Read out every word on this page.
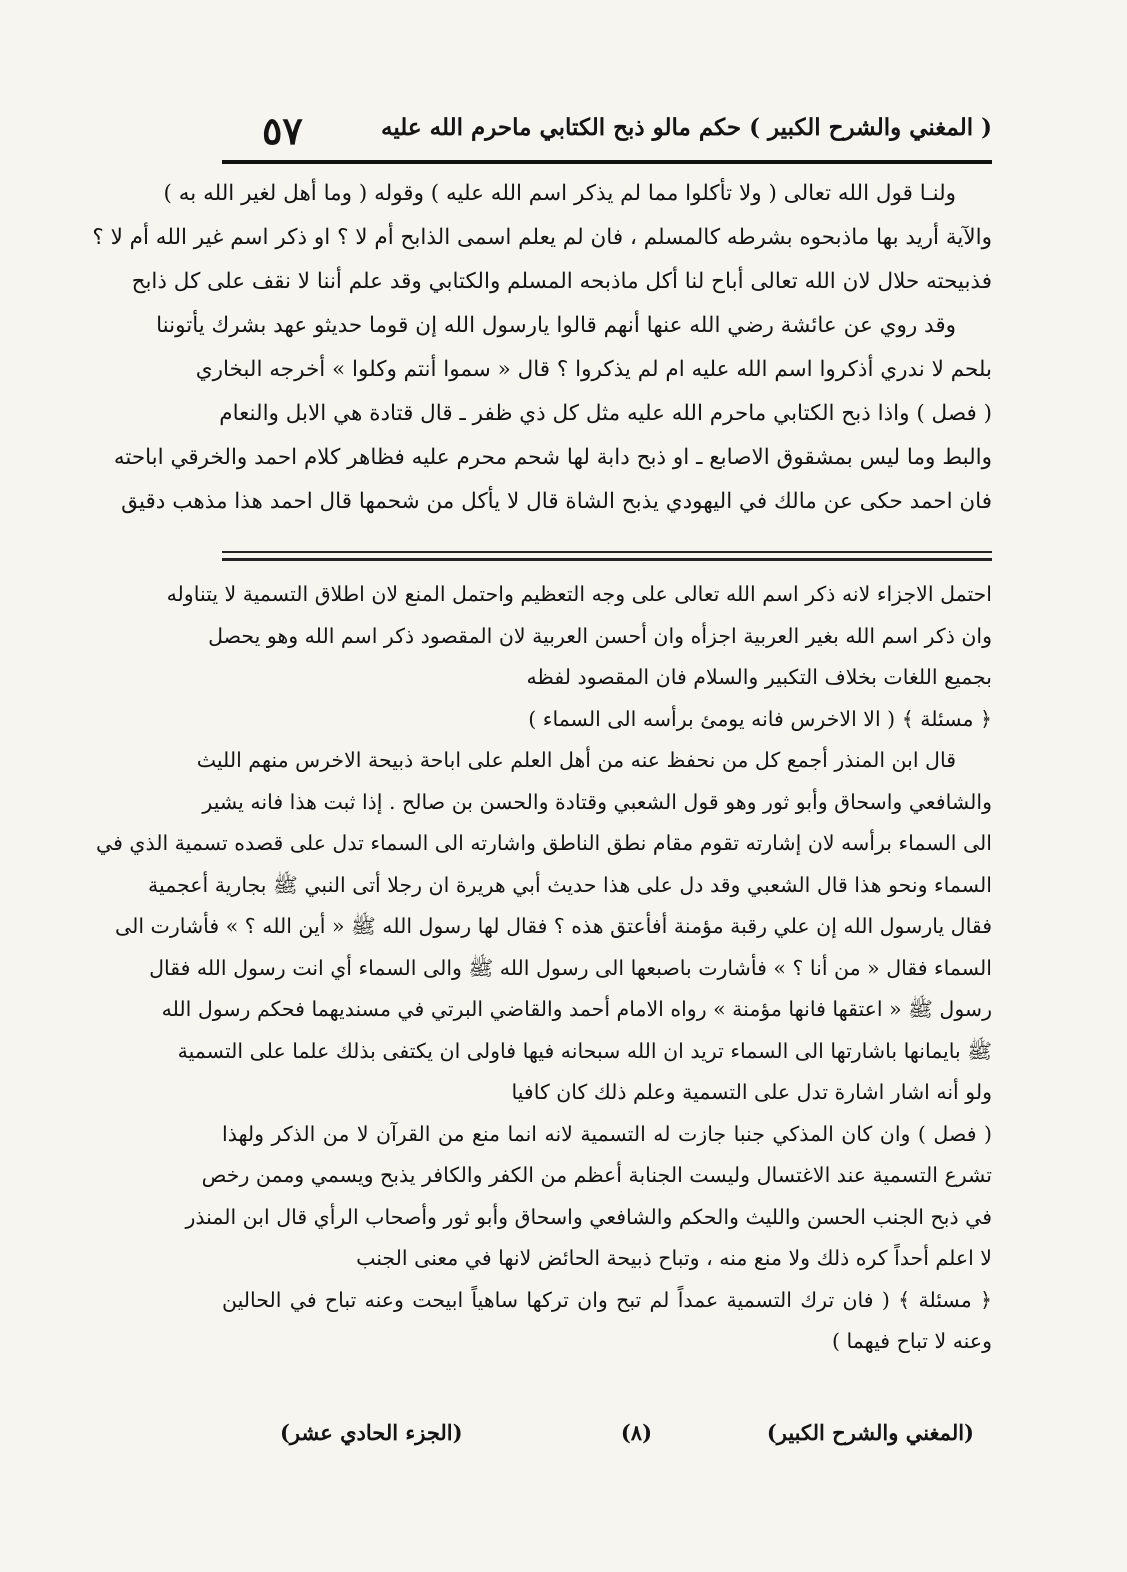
( المغني والشرح الكبير ) حكم مالو ذبح الكتابي ماحرم الله عليه
٥٧
ولنـا قول الله تعالى ( ولا تأكلوا مما لم يذكر اسم الله عليه ) وقوله ( وما أهل لغير الله به )
والآية أريد بها ماذبحوه بشرطه كالمسلم ، فان لم يعلم اسمى الذابح أم لا ؟ او ذكر اسم غير الله أم لا ؟
فذبيحته حلال لان الله تعالى أباح لنا أكل ماذبحه المسلم والكتابي وقد علم أننا لا نقف على كل ذابح
وقد روي عن عائشة رضي الله عنها أنهم قالوا يارسول الله إن قوما حديثو عهد بشرك يأتوننا
بلحم لا ندري أذكروا اسم الله عليه ام لم يذكروا ؟ قال « سموا أنتم وكلوا » أخرجه البخاري
( فصل ) واذا ذبح الكتابي ماحرم الله عليه مثل كل ذي ظفر ـ قال قتادة هي الابل والنعام
والبط وما ليس بمشقوق الاصابع ـ او ذبح دابة لها شحم محرم عليه فظاهر كلام احمد والخرقي اباحته
فان احمد حكى عن مالك في اليهودي يذبح الشاة قال لا يأكل من شحمها قال احمد هذا مذهب دقيق
احتمل الاجزاء لانه ذكر اسم الله تعالى على وجه التعظيم واحتمل المنع لان اطلاق التسمية لا يتناوله
وان ذكر اسم الله بغير العربية اجزأه وان أحسن العربية لان المقصود ذكر اسم الله وهو يحصل
بجميع اللغات بخلاف التكبير والسلام فان المقصود لفظه
﴿ مسئلة ﴾ ( الا الاخرس فانه يومئ برأسه الى السماء )
قال ابن المنذر أجمع كل من نحفظ عنه من أهل العلم على اباحة ذبيحة الاخرس منهم الليث
والشافعي واسحاق وأبو ثور وهو قول الشعبي وقتادة والحسن بن صالح . إذا ثبت هذا فانه يشير
الى السماء برأسه لان إشارته تقوم مقام نطق الناطق واشارته الى السماء تدل على قصده تسمية الذي في
السماء ونحو هذا قال الشعبي وقد دل على هذا حديث أبي هريرة ان رجلا أتى النبي ﷺ بجارية أعجمية
فقال يارسول الله إن علي رقبة مؤمنة أفأعتق هذه ؟ فقال لها رسول الله ﷺ « أين الله ؟ » فأشارت الى
السماء فقال « من أنا ؟ » فأشارت باصبعها الى رسول الله ﷺ والى السماء أي انت رسول الله فقال
رسول ﷺ « اعتقها فانها مؤمنة » رواه الامام أحمد والقاضي البرتي في مسنديهما فحكم رسول الله
ﷺ بايمانها باشارتها الى السماء تريد ان الله سبحانه فيها فاولى ان يكتفى بذلك علما على التسمية
ولو أنه اشار اشارة تدل على التسمية وعلم ذلك كان كافيا
( فصل ) وان كان المذكي جنبا جازت له التسمية لانه انما منع من القرآن لا من الذكر ولهذا
تشرع التسمية عند الاغتسال وليست الجنابة أعظم من الكفر والكافر يذبح ويسمي وممن رخص
في ذبح الجنب الحسن والليث والحكم والشافعي واسحاق وأبو ثور وأصحاب الرأي قال ابن المنذر
لا اعلم أحداً كره ذلك ولا منع منه ، وتباح ذبيحة الحائض لانها في معنى الجنب
﴿ مسئلة ﴾ ( فان ترك التسمية عمداً لم تبح وان تركها ساهياً ابيحت وعنه تباح في الحالين
وعنه لا تباح فيهما )
(المغني والشرح الكبير)
(٨)
(الجزء الحادي عشر)
